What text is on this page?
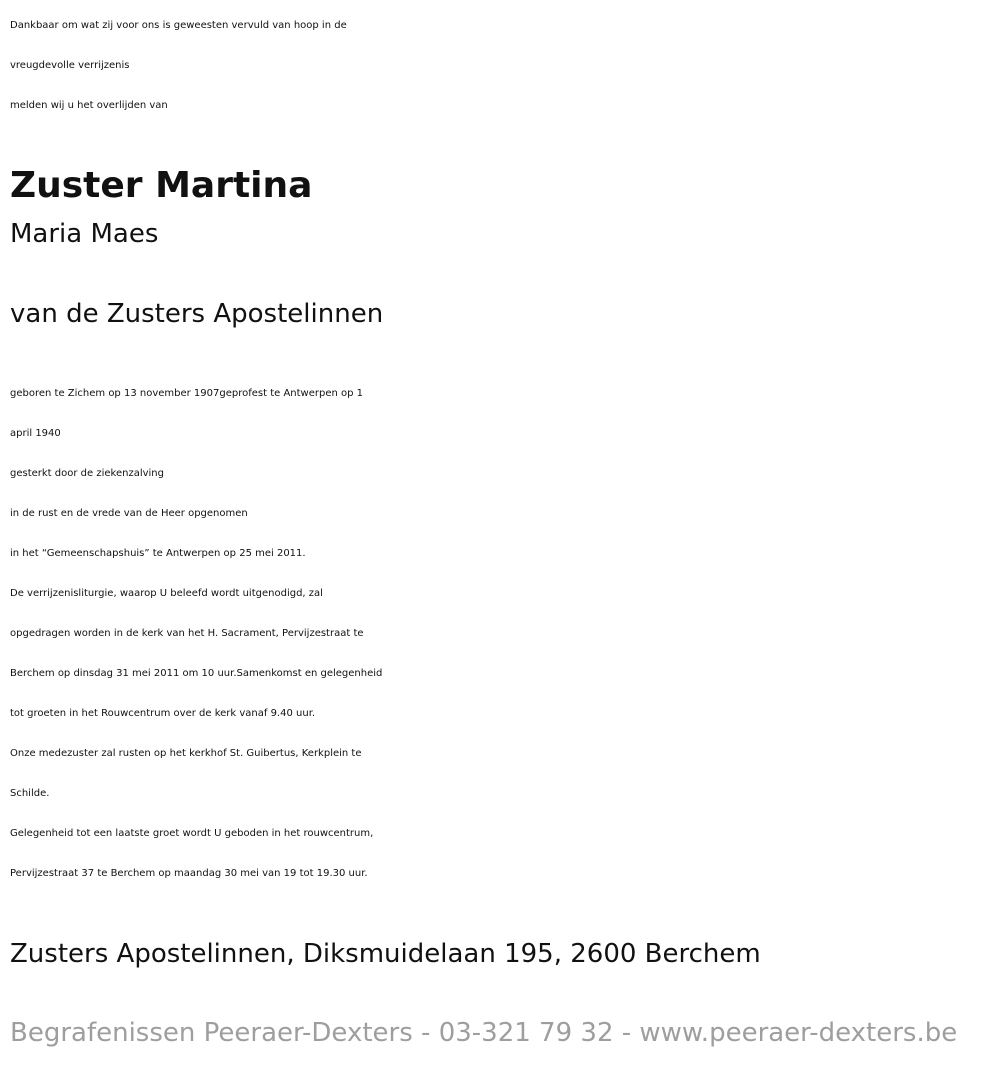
Dankbaar om wat zij voor ons is geweesten vervuld van hoop in de
vreugdevolle verrijzenis
melden wij u het overlijden van
Zuster Martina
Maria Maes
van de Zusters Apostelinnen
geboren te Zichem op 13 november 1907geprofest te Antwerpen op 1
april 1940
gesterkt door de ziekenzalving
in de rust en de vrede van de Heer opgenomen
in het “Gemeenschapshuis” te Antwerpen op 25 mei 2011.
De verrijzenisliturgie, waarop U beleefd wordt uitgenodigd, zal
opgedragen worden in de kerk van het H. Sacrament, Pervijzestraat te
Berchem op dinsdag 31 mei 2011 om 10 uur.Samenkomst en gelegenheid
tot groeten in het Rouwcentrum over de kerk vanaf 9.40 uur.
Onze medezuster zal rusten op het kerkhof St. Guibertus, Kerkplein te
Schilde.
Gelegenheid tot een laatste groet wordt U geboden in het rouwcentrum,
Pervijzestraat 37 te Berchem op maandag 30 mei van 19 tot 19.30 uur.
Zusters Apostelinnen, Diksmuidelaan 195, 2600 Berchem
Begrafenissen Peeraer-Dexters - 03-321 79 32 - www.peeraer-dexters.be
